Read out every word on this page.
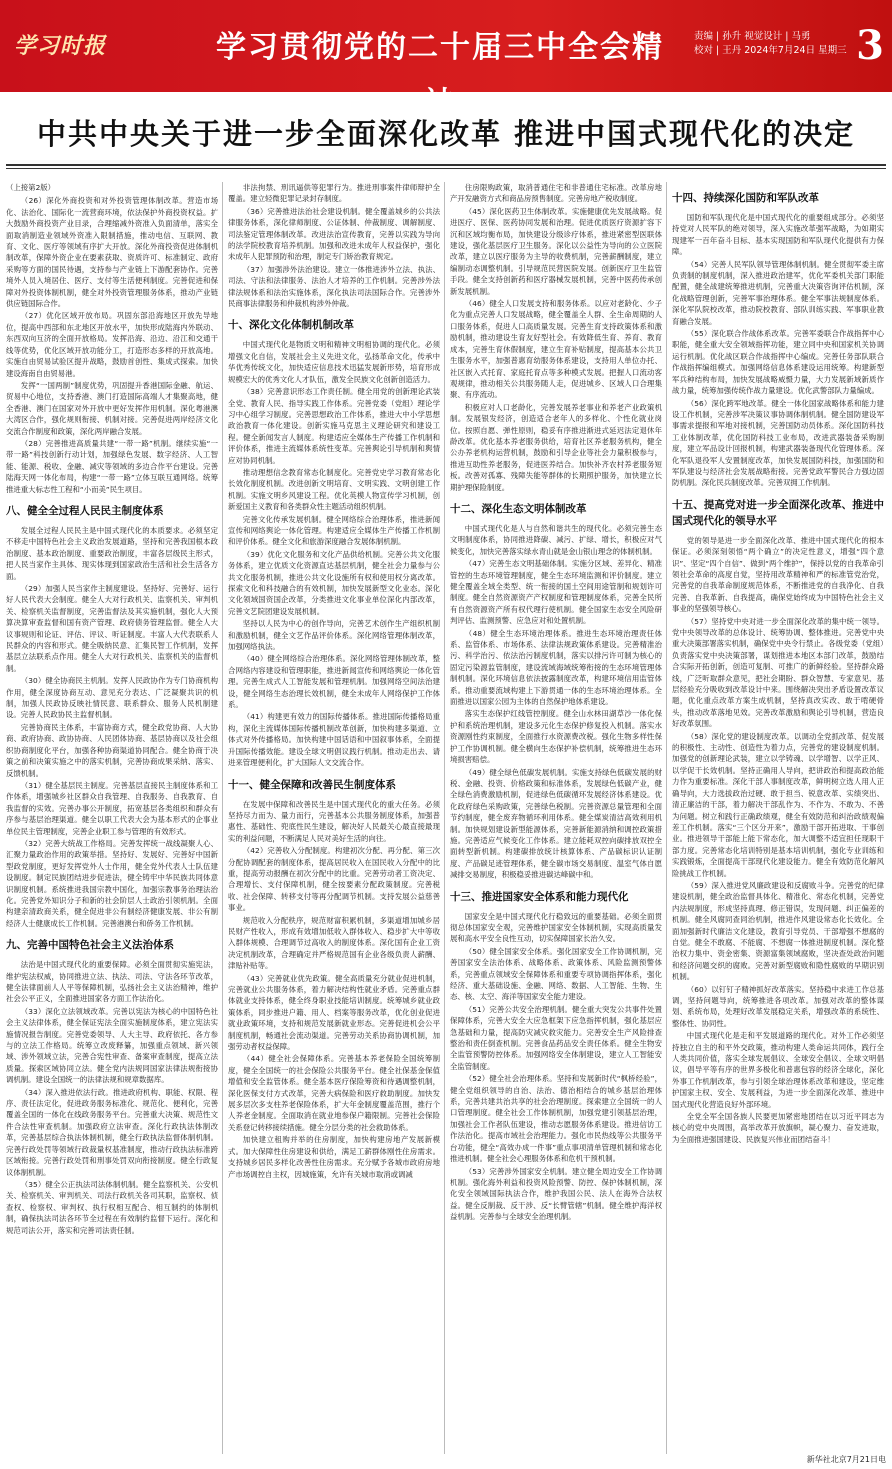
学习时报	学习贯彻党的二十届三中全会精神
责编 | 孙升 视觉设计 | 马勇
校对 | 王丹 2024年7月24日 星期三 3
中共中央关于进一步全面深化改革 推进中国式现代化的决定
（上接第2版）

（26）深化外商投资和对外投资管理体制改革。营造市场化、法治化、国际化一流营商环境，依法保护外商投资权益。扩大鼓励外商投资产业目录，合理缩减外资准入负面清单，落实全面取消制造业领域外资准入限制措施，推动电信、互联网、教育、文化、医疗等领域有序扩大开放。深化外商投资促进体制机制改革，保障外资企业在要素获取、资质许可、标准制定、政府采购等方面的国民待遇，支持参与产业链上下游配套协作。完善境外人员入境居住、医疗、支付等生活便利制度。完善促进和保障对外投资体制机制，健全对外投资管理服务体系，推动产业链供应链国际合作。

（27）优化区域开放布局。巩固东部沿海地区开放先导地位，提高中西部和东北地区开放水平，加快形成陆海内外联动、东西双向互济的全面开放格局。发挥沿海、沿边、沿江和交通干线等优势，优化区域开放功能分工，打造形态多样的开放高地。实施自由贸易试验区提升战略，鼓励首创性、集成式探索。加快建设海南自由贸易港。

发挥“一国两制”制度优势，巩固提升香港国际金融、航运、贸易中心地位，支持香港、澳门打造国际高端人才集聚高地，健全香港、澳门在国家对外开放中更好发挥作用机制。深化粤港澳大湾区合作，强化规则衔接、机制对接。完善促进两岸经济文化交流合作制度和政策，深化两岸融合发展。

（28）完善推进高质量共建“一带一路”机制。继续实施“一带一路”科技创新行动计划，加强绿色发展、数字经济、人工智能、能源、税收、金融、减灾等领域的多边合作平台建设。完善陆海天网一体化布局，构建“一带一路”立体互联互通网络。统筹推进重大标志性工程和“小而美”民生项目。

八、健全全过程人民民主制度体系

发展全过程人民民主是中国式现代化的本质要求。必须坚定不移走中国特色社会主义政治发展道路，坚持和完善我国根本政治制度、基本政治制度、重要政治制度，丰富各层级民主形式，把人民当家作主具体、现实体现到国家政治生活和社会生活各方面。

（29）加强人民当家作主制度建设。坚持好、完善好、运行好人民代表大会制度。健全人大对行政机关、监察机关、审判机关、检察机关监督制度，完善监督法及其实施机制，强化人大预算决算审查监督和国有资产管理、政府债务管理监督。健全人大议事规则和论证、评估、评议、听证制度。丰富人大代表联系人民群众的内容和形式。健全吸纳民意、汇集民智工作机制，发挥基层立法联系点作用。健全人大对行政机关、监察机关的监督机制。

（30）健全协商民主机制。发挥人民政协作为专门协商机构作用，健全深度协商互动、意见充分表达、广泛凝聚共识的机制，加强人民政协反映社情民意、联系群众、服务人民机制建设。完善人民政协民主监督机制。

完善协商民主体系，丰富协商方式，健全政党协商、人大协商、政府协商、政协协商、人民团体协商、基层协商以及社会组织协商制度化平台，加强各种协商渠道协同配合。健全协商于决策之前和决策实施之中的落实机制，完善协商成果采纳、落实、反馈机制。

（31）健全基层民主制度。完善基层直接民主制度体系和工作体系，增强城乡社区群众自我管理、自我服务、自我教育、自我监督的实效。完善办事公开制度，拓宽基层各类组织和群众有序参与基层治理渠道。健全以职工代表大会为基本形式的企事业单位民主管理制度，完善企业职工参与管理的有效形式。

（32）完善大统战工作格局。完善发挥统一战线凝聚人心、汇聚力量政治作用的政策举措。坚持好、发展好、完善好中国新型政党制度，更好发挥党外人士作用，健全党外代表人士队伍建设制度。制定民族团结进步促进法，健全铸牢中华民族共同体意识制度机制。系统推进我国宗教中国化，加强宗教事务治理法治化。完善党外知识分子和新的社会阶层人士政治引领机制。全面构建亲清政商关系，健全促进非公有制经济健康发展、非公有制经济人士健康成长工作机制。完善港澳台和侨务工作机制。

九、完善中国特色社会主义法治体系

法治是中国式现代化的重要保障。必须全面贯彻实施宪法，维护宪法权威，协同推进立法、执法、司法、守法各环节改革，健全法律面前人人平等保障机制，弘扬社会主义法治精神，维护社会公平正义，全面推进国家各方面工作法治化。

（33）深化立法领域改革。完善以宪法为核心的中国特色社会主义法律体系，健全保证宪法全面实施制度体系，建立宪法实施情况报告制度。完善党委领导、人大主导、政府依托、各方参与的立法工作格局。统筹立改废释纂，加强重点领域、新兴领域、涉外领域立法，完善合宪性审查、备案审查制度，提高立法质量。探索区域协同立法。健全党内法规同国家法律法规衔接协调机制。建设全国统一的法律法规和规章数据库。

（34）深入推进依法行政。推进政府机构、职能、权限、程序、责任法定化，促进政务服务标准化、规范化、便利化，完善覆盖全国的一体化在线政务服务平台。完善重大决策、规范性文件合法性审查机制。加强政府立法审查。深化行政执法体制改革，完善基层综合执法体制机制，健全行政执法监督体制机制。完善行政处罚等领域行政裁量权基准制度，推动行政执法标准跨区域衔接。完善行政处罚和刑事处罚双向衔接制度。健全行政复议体制机制。

（35）健全公正执法司法体制机制。健全监察机关、公安机关、检察机关、审判机关、司法行政机关各司其职，监察权、侦查权、检察权、审判权、执行权相互配合、相互制约的体制机制，确保执法司法各环节全过程在有效制约监督下运行。深化和规范司法公开，落实和完善司法责任制。

非法拘禁、刑讯逼供等犯罪行为。推进刑事案件律师辩护全覆盖。建立轻微犯罪记录封存制度。

（36）完善推进法治社会建设机制。健全覆盖城乡的公共法律服务体系，深化律师制度、公证体制、仲裁制度、调解制度、司法鉴定管理体制改革。改进法治宣传教育，完善以实践为导向的法学院校教育培养机制。加强和改进未成年人权益保护，强化未成年人犯罪预防和治理，制定专门矫治教育规定。

（37）加强涉外法治建设。建立一体推进涉外立法、执法、司法、守法和法律服务、法治人才培养的工作机制。完善涉外法律法规体系和法治实施体系，深化执法司法国际合作。完善涉外民商事法律服务和仲裁机构涉外仲裁。

十、深化文化体制机制改革

中国式现代化是物质文明和精神文明相协调的现代化。必须增强文化自信，发展社会主义先进文化，弘扬革命文化，传承中华优秀传统文化，加快适应信息技术迅猛发展新形势，培育形成规模宏大的优秀文化人才队伍，激发全民族文化创新创造活力。

（38）完善意识形态工作责任制。健全用党的创新理论武装全党、教育人民、指导实践工作体系。完善党委（党组）理论学习中心组学习制度。完善思想政治工作体系，推进大中小学思想政治教育一体化建设。创新实施马克思主义理论研究和建设工程。健全新闻发言人制度。构建适应全媒体生产传播工作机制和评价体系，推进主流媒体系统性变革。完善舆论引导机制和舆情应对协同机制。

推动理想信念教育常态化制度化。完善党史学习教育常态化长效化制度机制。改进创新文明培育、文明实践、文明创建工作机制。实施文明乡风建设工程。优化英模人物宣传学习机制，创新爱国主义教育和各类群众性主题活动组织机制。

完善文化传承发展机制。健全网络综合治理体系，推进新闻宣传和网络舆论一体化管理。构建适应全媒体生产传播工作机制和评价体系。健全文化和旅游深度融合发展体制机制。

（39）优化文化服务和文化产品供给机制。完善公共文化服务体系，建立优质文化资源直达基层机制，健全社会力量参与公共文化服务机制，推进公共文化设施所有权和使用权分离改革。探索文化和科技融合的有效机制，加快发展新型文化业态。深化文化领域国资国企改革，分类推进文化事业单位深化内部改革，完善文艺院团建设发展机制。

坚持以人民为中心的创作导向，完善艺术创作生产组织机制和激励机制，健全文艺作品评价体系。深化网络管理体制改革，加强网络执法。

（40）健全网络综合治理体系。深化网络管理体制改革，整合网络内容建设和管理职能，推进新闻宣传和网络舆论一体化管理。完善生成式人工智能发展和管理机制。加强网络空间法治建设，健全网络生态治理长效机制，健全未成年人网络保护工作体系。

（41）构建更有效力的国际传播体系。推进国际传播格局重构，深化主流媒体国际传播机制改革创新，加快构建多渠道、立体式对外传播格局。加快构建中国话语和中国叙事体系，全面提升国际传播效能。建设全球文明倡议践行机制。推动走出去、请进来管理便利化，扩大国际人文交流合作。

十一、健全保障和改善民生制度体系

在发展中保障和改善民生是中国式现代化的重大任务。必须坚持尽力而为、量力而行，完善基本公共服务制度体系，加强普惠性、基础性、兜底性民生建设，解决好人民最关心最直接最现实的利益问题，不断满足人民对美好生活的向往。

（42）完善收入分配制度。构建初次分配、再分配、第三次分配协调配套的制度体系，提高居民收入在国民收入分配中的比重，提高劳动报酬在初次分配中的比重。完善劳动者工资决定、合理增长、支付保障机制，健全按要素分配政策制度。完善税收、社会保障、转移支付等再分配调节机制。支持发展公益慈善事业。

规范收入分配秩序，规范财富积累机制，多渠道增加城乡居民财产性收入，形成有效增加低收入群体收入、稳步扩大中等收入群体规模、合理调节过高收入的制度体系。深化国有企业工资决定机制改革，合理确定并严格规范国有企业各级负责人薪酬、津贴补贴等。

（43）完善就业优先政策。健全高质量充分就业促进机制，完善就业公共服务体系，着力解决结构性就业矛盾。完善重点群体就业支持体系，健全终身职业技能培训制度。统筹城乡就业政策体系，同步推进户籍、用人、档案等服务改革，优化创业促进就业政策环境，支持和规范发展新就业形态。完善促进机会公平制度机制，畅通社会流动渠道。完善劳动关系协商协调机制，加强劳动者权益保障。

（44）健全社会保障体系。完善基本养老保险全国统筹制度，健全全国统一的社会保险公共服务平台。健全社保基金保值增值和安全监管体系。健全基本医疗保险筹资和待遇调整机制，深化医保支付方式改革，完善大病保险和医疗救助制度。加快发展多层次多支柱养老保险体系，扩大年金制度覆盖范围，推行个人养老金制度。全面取消在就业地参保户籍限制。完善社会保险关系登记转移接续措施。健全分层分类的社会救助体系。

加快建立租购并举的住房制度，加快构建房地产发展新模式。加大保障性住房建设和供给，满足工薪群体刚性住房需求。支持城乡居民多样化改善性住房需求。充分赋予各城市政府房地产市场调控自主权，因城施策，允许有关城市取消或调减

住房限购政策，取消普通住宅和非普通住宅标准。改革房地产开发融资方式和商品房预售制度。完善房地产税收制度。

（45）深化医药卫生体制改革。实施健康优先发展战略。促进医疗、医保、医药协同发展和治理。促进优质医疗资源扩容下沉和区域均衡布局，加快建设分级诊疗体系，推进紧密型医联体建设，强化基层医疗卫生服务。深化以公益性为导向的公立医院改革，建立以医疗服务为主导的收费机制，完善薪酬制度，建立编制动态调整机制。引导规范民营医院发展。创新医疗卫生监管手段。健全支持创新药和医疗器械发展机制，完善中医药传承创新发展机制。

（46）健全人口发展支持和服务体系。以应对老龄化、少子化为重点完善人口发展战略，健全覆盖全人群、全生命周期的人口服务体系，促进人口高质量发展。完善生育支持政策体系和激励机制，推动建设生育友好型社会。有效降低生育、养育、教育成本，完善生育休假制度，建立生育补贴制度，提高基本公共卫生服务水平，加强普惠育幼服务体系建设，支持用人单位办托、社区嵌入式托育、家庭托育点等多种模式发展。把握人口流动客观规律，推动相关公共服务随人走，促进城乡、区域人口合理集聚、有序流动。

积极应对人口老龄化，完善发展养老事业和养老产业政策机制。发展银发经济，创造适合老年人的多样化、个性化就业岗位。按照自愿、弹性原则，稳妥有序推进渐进式延迟法定退休年龄改革。优化基本养老服务供给，培育社区养老服务机构，健全公办养老机构运营机制，鼓励和引导企业等社会力量积极参与，推进互助性养老服务，促进医养结合。加快补齐农村养老服务短板。改善对孤寡、残障失能等群体的长期照护服务，加快建立长期护理保险制度。

十二、深化生态文明体制改革

中国式现代化是人与自然和谐共生的现代化。必须完善生态文明制度体系，协同推进降碳、减污、扩绿、增长，积极应对气候变化，加快完善落实绿水青山就是金山银山理念的体制机制。

（47）完善生态文明基础体制。实施分区域、差异化、精准管控的生态环境管理制度，健全生态环境监测和评价制度。建立健全覆盖全域全类型、统一衔接的国土空间用途管制和规划许可制度。健全自然资源资产产权制度和管理制度体系，完善全民所有自然资源资产所有权代理行使机制。健全国家生态安全风险研判评估、监测预警、应急应对和处置机制。

（48）健全生态环境治理体系。推进生态环境治理责任体系、监管体系、市场体系、法律法规政策体系建设。完善精准治污、科学治污、依法治污制度机制，落实以排污许可制为核心的固定污染源监管制度，建设流域海域统筹衔接的生态环境管理体制机制。深化环境信息依法披露制度改革，构建环境信用监管体系。推动重要流域构建上下游贯通一体的生态环境治理体系。全面推进以国家公园为主体的自然保护地体系建设。

落实生态保护红线管控制度。健全山水林田湖草沙一体化保护和系统治理机制，建设多元化生态保护修复投入机制。落实水资源刚性约束制度，全面推行水资源费改税。强化生物多样性保护工作协调机制。健全横向生态保护补偿机制，统筹推进生态环境损害赔偿。

（49）健全绿色低碳发展机制。实施支持绿色低碳发展的财税、金融、投资、价格政策和标准体系，发展绿色低碳产业，健全绿色消费激励机制，促进绿色低碳循环发展经济体系建设。优化政府绿色采购政策，完善绿色税制。完善资源总量管理和全面节约制度，健全废弃物循环利用体系。健全煤炭清洁高效利用机制。加快规划建设新型能源体系，完善新能源消纳和调控政策措施。完善适应气候变化工作体系。建立能耗双控向碳排放双控全面转型新机制。构建碳排放统计核算体系、产品碳标识认证制度、产品碳足迹管理体系，健全碳市场交易制度、温室气体自愿减排交易制度，积极稳妥推进碳达峰碳中和。

十三、推进国家安全体系和能力现代化

国家安全是中国式现代化行稳致远的重要基础。必须全面贯彻总体国家安全观，完善维护国家安全体制机制，实现高质量发展和高水平安全良性互动，切实保障国家长治久安。

（50）健全国家安全体系。强化国家安全工作协调机制，完善国家安全法治体系、战略体系、政策体系、风险监测预警体系，完善重点领域安全保障体系和重要专项协调指挥体系，强化经济、重大基础设施、金融、网络、数据、人工智能、生物、生态、核、太空、海洋等国家安全能力建设。

（51）完善公共安全治理机制。健全重大突发公共事件处置保障体系，完善大安全大应急框架下应急指挥机制，强化基层应急基础和力量，提高防灾减灾救灾能力。完善安全生产风险排查整治和责任倒查机制。完善食品药品安全责任体系。健全生物安全监管预警防控体系。加强网络安全体制建设，建立人工智能安全监管制度。

（52）健全社会治理体系。坚持和发展新时代“枫桥经验”，健全党组织领导的自治、法治、德治相结合的城乡基层治理体系，完善共建共治共享的社会治理制度。探索建立全国统一的人口管理制度。健全社会工作体制机制，加强党建引领基层治理，加强社会工作者队伍建设，推动志愿服务体系建设。推进信访工作法治化。提高市域社会治理能力。强化市民热线等公共服务平台功能，健全“高效办成一件事”重点事项清单管理机制和常态化推进机制。健全社会心理服务体系和危机干预机制。

（53）完善涉外国家安全机制。建立健全周边安全工作协调机制。强化海外利益和投资风险预警、防控、保护体制机制，深化安全领域国际执法合作，维护我国公民、法人在海外合法权益。健全反制裁、反干涉、反“长臂管辖”机制。健全维护海洋权益机制。完善参与全球安全治理机制。

十四、持续深化国防和军队改革

国防和军队现代化是中国式现代化的重要组成部分。必须坚持党对人民军队的绝对领导，深入实施改革强军战略，为如期实现建军一百年奋斗目标、基本实现国防和军队现代化提供有力保障。

（54）完善人民军队领导管理体制机制。健全贯彻军委主席负责制的制度机制，深入推进政治建军，优化军委机关部门职能配置，健全战建统筹推进机制，完善重大决策咨询评估机制，深化战略管理创新，完善军事治理体系。健全军事法规制度体系。深化军队院校改革，推动院校教育、部队训练实践、军事职业教育融合发展。

（55）深化联合作战体系改革。完善军委联合作战指挥中心职能，健全重大安全领域指挥功能，建立同中央和国家机关协调运行机制。优化战区联合作战指挥中心编成。完善任务部队联合作战指挥编组模式。加强网络信息体系建设运用统筹。构建新型军兵种结构布局，加快发展战略威慑力量，大力发展新域新质作战力量，统筹加强传统作战力量建设。优化武警部队力量编成。

（56）深化跨军地改革。健全一体化国家战略体系和能力建设工作机制，完善涉军决策议事协调体制机制。健全国防建设军事需求提报和军地对接机制，完善国防动员体系。深化国防科技工业体制改革，优化国防科技工业布局，改进武器装备采购制度，建立军品设计回报机制，构建武器装备现代化管理体系。深化军队退役军人安置制度改革，加快发展国防科技，加强国防和军队建设与经济社会发展战略衔接。完善党政军警民合力强边固防机制。深化民兵制度改革。完善双拥工作机制。

十五、提高党对进一步全面深化改革、推进中国式现代化的领导水平

党的领导是进一步全面深化改革、推进中国式现代化的根本保证。必须深刻领悟“两个确立”的决定性意义，增强“四个意识”、坚定“四个自信”、做到“两个维护”，保持以党的自我革命引领社会革命的高度自觉，坚持用改革精神和严的标准管党治党，完善党的自我革命制度规范体系，不断推进党的自我净化、自我完善、自我革新、自我提高，确保党始终成为中国特色社会主义事业的坚强领导核心。

（57）坚持党中央对进一步全面深化改革的集中统一领导。党中央领导改革的总体设计、统筹协调、整体推进。完善党中央重大决策部署落实机制，确保党中央令行禁止。各级党委（党组）负责落实党中央决策部署，谋划推进本地区本部门改革，鼓励结合实际开拓创新，创造可复制、可推广的新鲜经验。坚持群众路线，广泛听取群众意见，把社会期盼、群众智慧、专家意见、基层经验充分吸收到改革设计中来。围绕解决突出矛盾设置改革议题，优化重点改革方案生成机制，坚持真改实改、敢于啃硬骨头，推动改革落地见效。完善改革激励和舆论引导机制，营造良好改革氛围。

（58）深化党的建设制度改革。以调动全党抓改革、促发展的积极性、主动性、创造性为着力点，完善党的建设制度机制。加强党的创新理论武装，建立以学铸魂、以学增智、以学正风、以学促干长效机制。坚持正确用人导向，把讲政治和提高政治能力作为重要标准。深化干部人事制度改革，鲜明树立选人用人正确导向，大力选拔政治过硬、敢于担当、锐意改革、实绩突出、清正廉洁的干部，着力解决干部乱作为、不作为、不敢为、不善为问题。树立和践行正确政绩观，健全有效防范和纠治政绩观偏差工作机制。落实“三个区分开来”，激励干部开拓进取、干事创业。推进领导干部能上能下常态化，加大调整不适宜担任现职干部力度。完善常态化培训特别是基本培训机制，强化专业训练和实践锻炼，全面提高干部现代化建设能力。健全有效防范化解风险挑战工作机制。

（59）深入推进党风廉政建设和反腐败斗争。完善党的纪律建设机制，健全政治监督具体化、精准化、常态化机制，完善党内法规制度，形成坚持真理、修正错误，发现问题、纠正偏差的机制。健全风腐同查同治机制，推进作风建设常态化长效化。全面加强新时代廉洁文化建设，教育引导党员、干部增强不想腐的自觉。健全不敢腐、不能腐、不想腐一体推进制度机制。深化整治权力集中、资金密集、资源富集领域腐败，坚决查处政治问题和经济问题交织的腐败。完善对新型腐败和隐性腐败的早期识别机制。

（60）以钉钉子精神抓好改革落实。坚持稳中求进工作总基调，坚持问题导向，统筹推进各项改革。加强对改革的整体谋划、系统布局，处理好改革发展稳定关系，增强改革的系统性、整体性、协同性。

中国式现代化是走和平发展道路的现代化。对外工作必须坚持独立自主的和平外交政策，推动构建人类命运共同体，践行全人类共同价值，落实全球发展倡议、全球安全倡议、全球文明倡议，倡导平等有序的世界多极化和普惠包容的经济全球化，深化外事工作机制改革，参与引领全球治理体系改革和建设，坚定维护国家主权、安全、发展利益，为进一步全面深化改革、推进中国式现代化营造良好外部环境。

全党全军全国各族人民要更加紧密地团结在以习近平同志为核心的党中央周围，高举改革开放旗帜，凝心聚力、奋发进取，为全面推进强国建设、民族复兴伟业而团结奋斗！

新华社北京7月21日电
